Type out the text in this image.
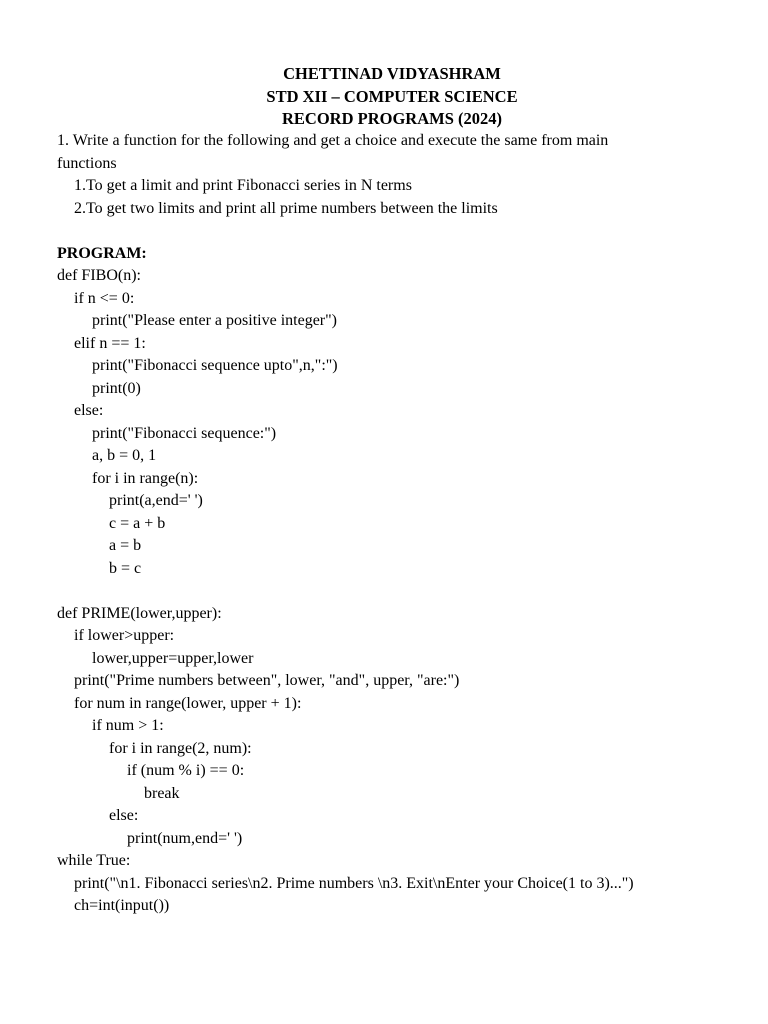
CHETTINAD VIDYASHRAM
STD XII – COMPUTER SCIENCE
RECORD PROGRAMS (2024)
1. Write a function for the following and get a choice and execute the same from main
functions
1.To get a limit and print Fibonacci series in N terms
2.To get two limits and print all prime numbers between the limits
PROGRAM:
def FIBO(n):
if n <= 0:
print("Please enter a positive integer")
elif n == 1:
print("Fibonacci sequence upto",n,":")
print(0)
else:
print("Fibonacci sequence:")
a, b = 0, 1
for i in range(n):
print(a,end=' ')
c = a + b
a = b
b = c
def PRIME(lower,upper):
if lower>upper:
lower,upper=upper,lower
print("Prime numbers between", lower, "and", upper, "are:")
for num in range(lower, upper + 1):
if num > 1:
for i in range(2, num):
if (num % i) == 0:
break
else:
print(num,end=' ')
while True:
print("\n1. Fibonacci series\n2. Prime numbers \n3. Exit\nEnter your Choice(1 to 3)...")
ch=int(input())
